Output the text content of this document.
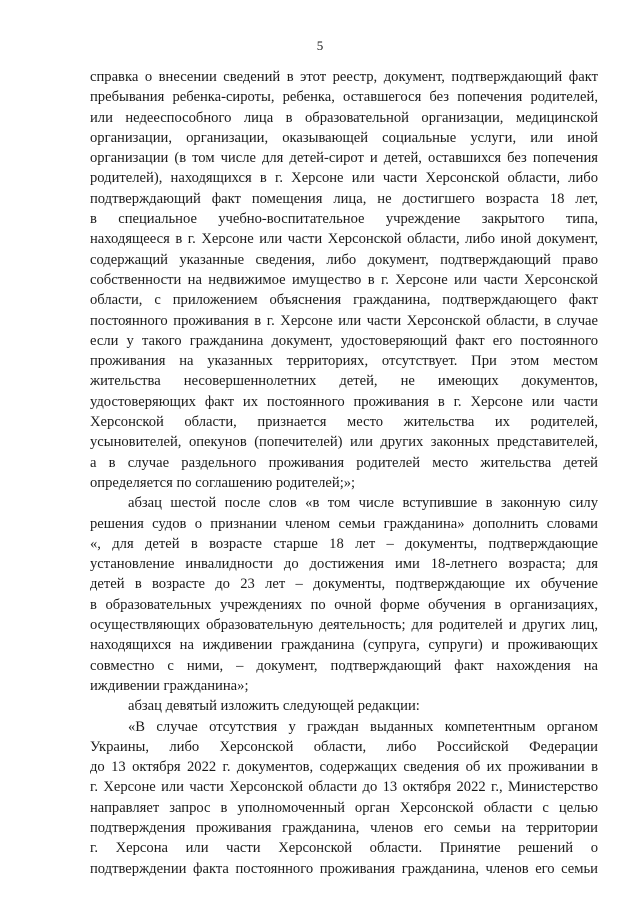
5
справка о внесении сведений в этот реестр, документ, подтверждающий факт
пребывания ребенка-сироты, ребенка, оставшегося без попечения родителей,
или недееспособного лица в образовательной организации, медицинской
организации, организации, оказывающей социальные услуги, или иной
организации (в том числе для детей-сирот и детей, оставшихся без попечения
родителей), находящихся в г. Херсоне или части Херсонской области, либо
подтверждающий факт помещения лица, не достигшего возраста 18 лет,
в специальное учебно-воспитательное учреждение закрытого типа,
находящееся в г. Херсоне или части Херсонской области, либо иной документ,
содержащий указанные сведения, либо документ, подтверждающий право
собственности на недвижимое имущество в г. Херсоне или части Херсонской
области, с приложением объяснения гражданина, подтверждающего факт
постоянного проживания в г. Херсоне или части Херсонской области, в случае
если у такого гражданина документ, удостоверяющий факт его постоянного
проживания на указанных территориях, отсутствует. При этом местом
жительства несовершеннолетних детей, не имеющих документов,
удостоверяющих факт их постоянного проживания в г. Херсоне или части
Херсонской области, признается место жительства их родителей,
усыновителей, опекунов (попечителей) или других законных представителей,
а в случае раздельного проживания родителей место жительства детей
определяется по соглашению родителей;»;
абзац шестой после слов «в том числе вступившие в законную силу
решения судов о признании членом семьи гражданина» дополнить словами
«, для детей в возрасте старше 18 лет – документы, подтверждающие
установление инвалидности до достижения ими 18-летнего возраста; для
детей в возрасте до 23 лет – документы, подтверждающие их обучение
в образовательных учреждениях по очной форме обучения в организациях,
осуществляющих образовательную деятельность; для родителей и других лиц,
находящихся на иждивении гражданина (супруга, супруги) и проживающих
совместно с ними, – документ, подтверждающий факт нахождения на
иждивении гражданина»;
абзац девятый изложить следующей редакции:
«В случае отсутствия у граждан выданных компетентным органом
Украины, либо Херсонской области, либо Российской Федерации
до 13 октября 2022 г. документов, содержащих сведения об их проживании в
г. Херсоне или части Херсонской области до 13 октября 2022 г., Министерство
направляет запрос в уполномоченный орган Херсонской области с целью
подтверждения проживания гражданина, членов его семьи на территории
г. Херсона или части Херсонской области. Принятие решений о
подтверждении факта постоянного проживания гражданина, членов его семьи
